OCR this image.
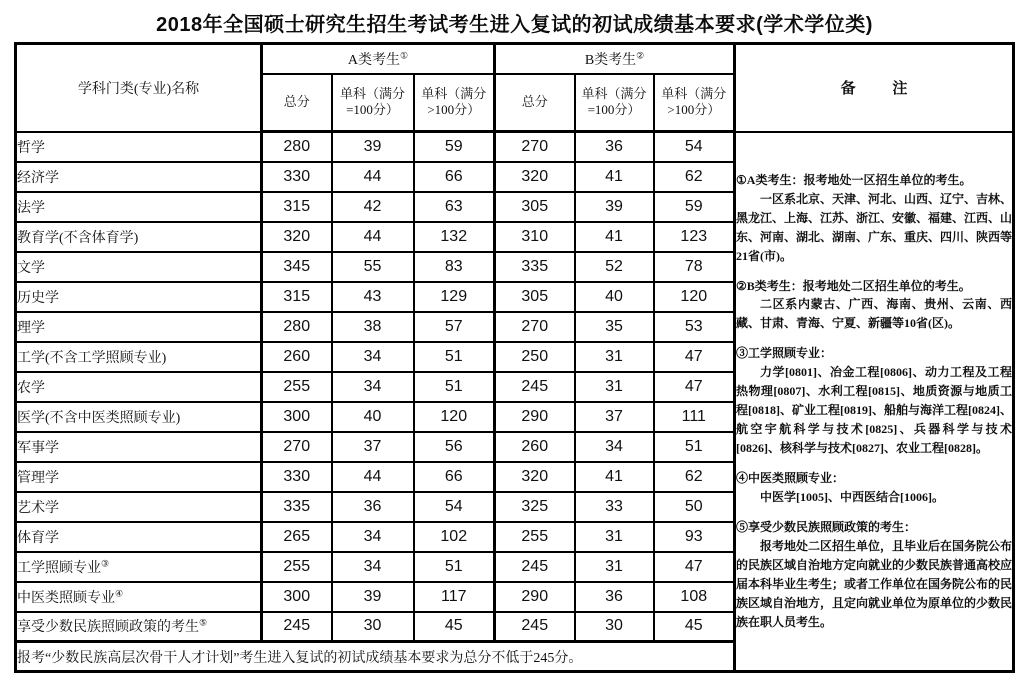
2018年全国硕士研究生招生考试考生进入复试的初试成绩基本要求(学术学位类)
学科门类(专业)名称	A类考生①			B类考生②			备 注
	总分	单科（满分 =100分）	单科（满分 >100分）	总分	单科（满分 =100分）	单科（满分 >100分）	
哲学	280	39	59	270	36	54	

①A类考生：报考地处一区招生单位的考生。

一区系北京、天津、河北、山西、辽宁、吉林、黑龙江、上海、江苏、浙江、安徽、福建、江西、山东、河南、湖北、湖南、广东、重庆、四川、陕西等21省(市)。

②B类考生：报考地处二区招生单位的考生。

二区系内蒙古、广西、海南、贵州、云南、西藏、甘肃、青海、宁夏、新疆等10省(区)。

③工学照顾专业：

力学[0801]、冶金工程[0806]、动力工程及工程热物理[0807]、水利工程[0815]、地质资源与地质工程[0818]、矿业工程[0819]、船舶与海洋工程[0824]、航空宇航科学与技术[0825]、兵器科学与技术[0826]、核科学与技术[0827]、农业工程[0828]。

④中医类照顾专业：

中医学[1005]、中西医结合[1006]。

⑤享受少数民族照顾政策的考生：

报考地处二区招生单位，且毕业后在国务院公布的民族区域自治地方定向就业的少数民族普通高校应届本科毕业生考生；或者工作单位在国务院公布的民族区域自治地方，且定向就业单位为原单位的少数民族在职人员考生。

经济学	330	44	66	320	41	62	
法学	315	42	63	305	39	59	
教育学(不含体育学)	320	44	132	310	41	123	
文学	345	55	83	335	52	78	
历史学	315	43	129	305	40	120	
理学	280	38	57	270	35	53	
工学(不含工学照顾专业)	260	34	51	250	31	47	
农学	255	34	51	245	31	47	
医学(不含中医类照顾专业)	300	40	120	290	37	111	
军事学	270	37	56	260	34	51	
管理学	330	44	66	320	41	62	
艺术学	335	36	54	325	33	50	
体育学	265	34	102	255	31	93	
工学照顾专业③	255	34	51	245	31	47	
中医类照顾专业④	300	39	117	290	36	108	
享受少数民族照顾政策的考生⑤	245	30	45	245	30	45	
报考“少数民族高层次骨干人才计划”考生进入复试的初试成绩基本要求为总分不低于245分。							
